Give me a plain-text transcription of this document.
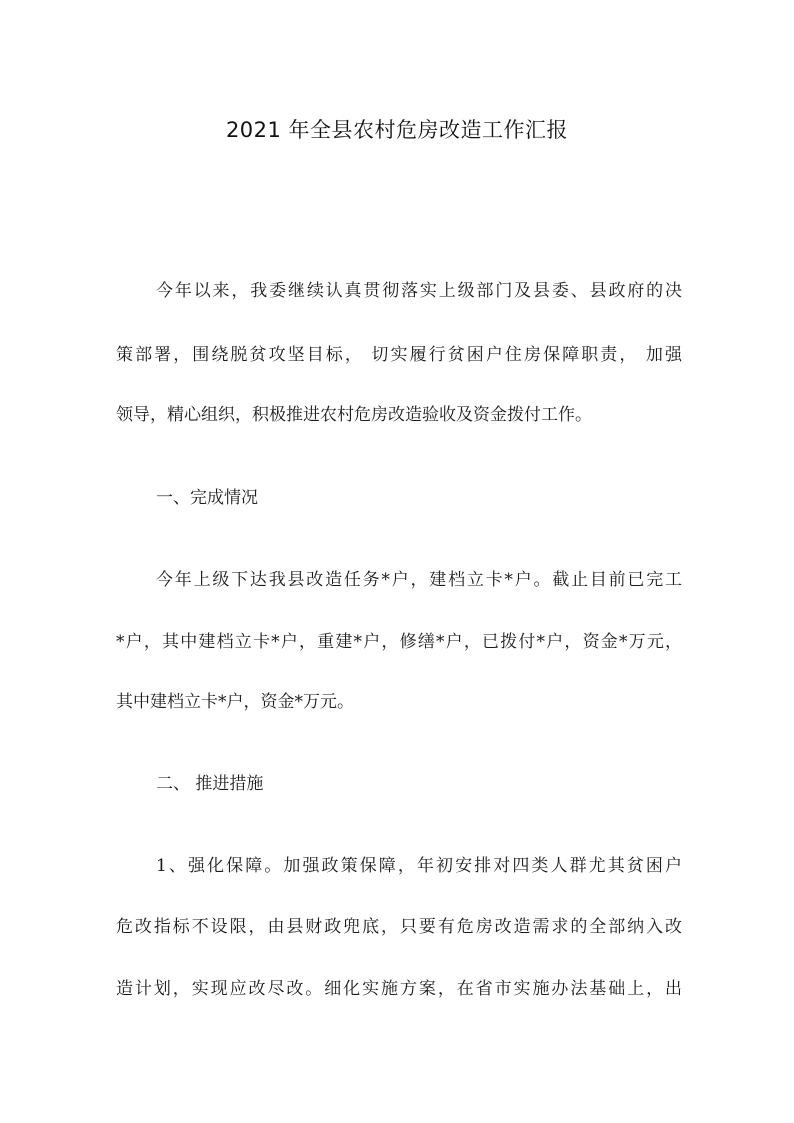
2021 年全县农村危房改造工作汇报

今年以来，我委继续认真贯彻落实上级部门及县委、县政府的决

策部署，围绕脱贫攻坚目标， 切实履行贫困户住房保障职责， 加强

领导，精心组织，积极推进农村危房改造验收及资金拨付工作。

一、完成情况

今年上级下达我县改造任务*户，建档立卡*户。截止目前已完工

*户，其中建档立卡*户，重建*户，修缮*户，已拨付*户，资金*万元，

其中建档立卡*户，资金*万元。

二、 推进措施

1、强化保障。加强政策保障，年初安排对四类人群尤其贫困户

危改指标不设限，由县财政兜底，只要有危房改造需求的全部纳入改

造计划，实现应改尽改。细化实施方案，在省市实施办法基础上，出
